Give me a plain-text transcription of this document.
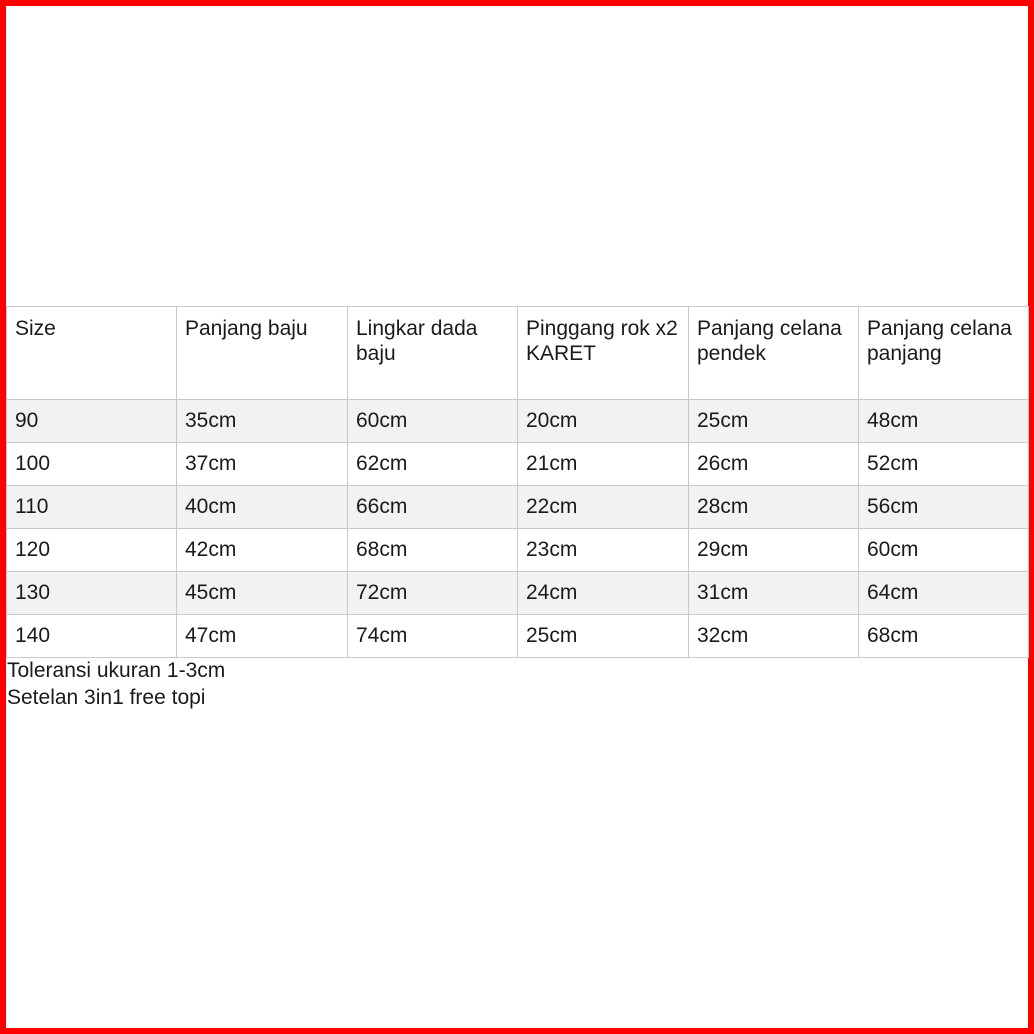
Size	Panjang baju	Lingkar dada baju	Pinggang rok x2 KARET	Panjang celana pendek	Panjang celana panjang
90	35cm	60cm	20cm	25cm	48cm
100	37cm	62cm	21cm	26cm	52cm
110	40cm	66cm	22cm	28cm	56cm
120	42cm	68cm	23cm	29cm	60cm
130	45cm	72cm	24cm	31cm	64cm
140	47cm	74cm	25cm	32cm	68cm
Toleransi ukuran 1-3cm
Setelan 3in1 free topi
